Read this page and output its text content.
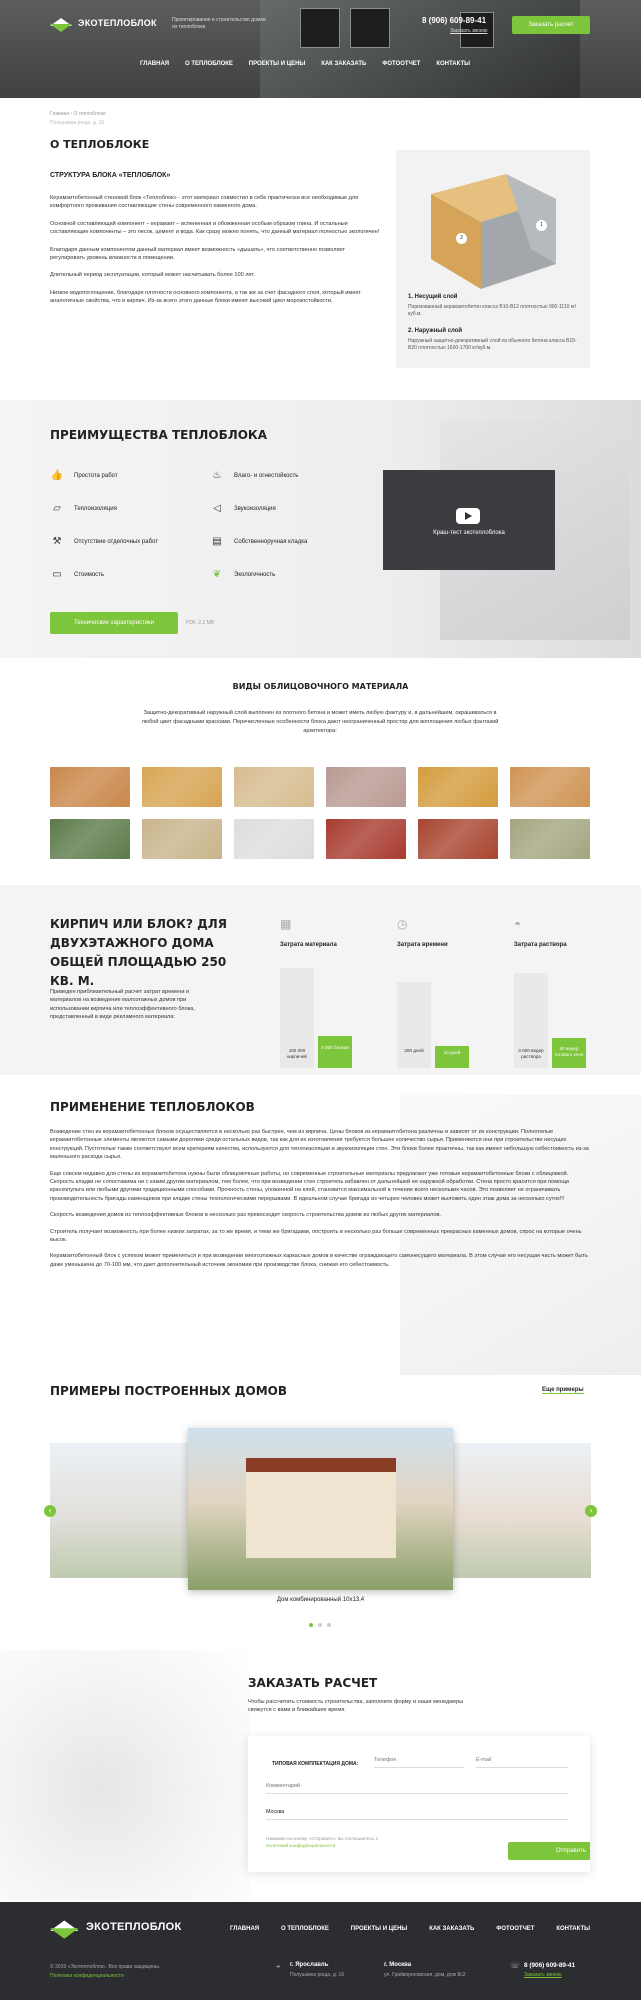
ЭКОТЕПЛОБЛОК	Проектирование и строительство домов из теплоблока
8 (906) 609-89-41
Заказать звонок
Заказать расчет
ГЛАВНАЯ	О ТЕПЛОБЛОКЕ	ПРОЕКТЫ И ЦЕНЫ	КАК ЗАКАЗАТЬ	ФОТООТЧЕТ	КОНТАКТЫ
Главная › О теплоблоке
Полушкина роща, д. 16
О ТЕПЛОБЛОКЕ
СТРУКТУРА БЛОКА «ТЕПЛОБЛОК»

Керамзитобетонный стеновой блок «Теплоблок» - этот материал совместил в себе практически все необходимые для комфортного проживания составляющие стены современного каменного дома.

Основной составляющий компонент – керамзит – вспененная и обожженная особым образом глина. И остальные составляющие компоненты – это песок, цемент и вода. Как сразу можно понять, что данный материал полностью экологичен!

Благодаря данным компонентом данный материал имеет возможность «дышать», что соответственно позволяет регулировать уровень влажности в помещении.

Длительный период эксплуатации, который может насчитывать более 100 лет.

Низкое водопоглощение, благодаря плотности основного компонента, а так же за счет фасадного слоя, который имеет аналогичные свойства, что и кирпич. Из-за всего этого данные блоки имеют высокий цикл морозостойкости.

1
2
1. Несущий слой
Поризованный керамзитобетон класса B10-B12 плотностью 900-1110 кг/куб.м.
2. Наружный слой
Наружный защитно-декоративный слой из обычного бетона класса B15-B20 плотностью 1600-1700 кг/куб.м.
ПРЕИМУЩЕСТВА ТЕПЛОБЛОКА
👍 Простота работ
▱	Теплоизоляция
⚒	Отсутствие отделочных работ
▭	Стоимость
♨	Влаго- и огнестойкость
◁	Звукоизоляция
▤	Собственноручная кладка
❦	Экологичность
Технические характеристики	PDF, 2,2 MB
Краш-тест экотеплоблока
ВИДЫ ОБЛИЦОВОЧНОГО МАТЕРИАЛА
Защитно-декоративный наружный слой выполнен из плотного бетона и может иметь любую фактуру и, в дальнейшем, окрашиваться в любой цвет фасадными красками. Перечисленные особенности блока дают неограниченный простор для воплощения любых фантазий архитектора:
КИРПИЧ ИЛИ БЛОК? ДЛЯ ДВУХЭТАЖНОГО ДОМА ОБЩЕЙ ПЛОЩАДЬЮ 250 КВ. М.
Приведен приблизительный расчет затрат времени и материалов на возведение малоэтажных домов при использовании кирпича или теплоэффективного блока, представленный в виде рекламного материала:
▦
Затрата материала
◷
Затрата времени
◓
Затрата раствора
100 000 кирпичей
4 000 блоков
200 дней	10 дней	3 000 ведер раствора
50 ведер готового клея
ПРИМЕНЕНИЕ ТЕПЛОБЛОКОВ

Возведение стен из керамзитобетонных блоков осуществляется в несколько раз быстрее, чем из кирпича. Цены блоков из керамзитобетона различны и зависят от их конструкции. Полнотелые керамзитобетонные элементы являются самыми дорогими среди остальных видов, так как для их изготовления требуется большее количество сырья. Применяются они при строительстве несущих конструкций. Пустотелые также соответствуют всем критериям качества, используются для теплоизоляции и звукоизоляции стен. Эти блоки более практичны, так как имеют небольшую себестоимость из-за маленького расхода сырья.

Еще совсем недавно для стены из керамзитобетона нужны были облицовочные работы, но современные строительные материалы предлагают уже готовые керамзитобетонные блоки с облицовкой. Скорость кладки не сопоставима ни с каким другим материалом, тем более, что при возведении стен строитель избавлен от дальнейшей ее наружной обработки. Стена просто красится при помощи краскопульта или любыми другими традиционными способами. Прочность стены, уложенной на клей, становится максимальной в течение всего нескольких часов. Это позволяет не ограничивать производительность бригады каменщиков при кладке стены технологическими перерывами. В идеальном случае бригада из четырех человек может выложить один этаж дома за несколько суток!!!

Скорость возведения домов из теплоэффективных блоков в несколько раз превосходит скорость строительства домов из любых других материалов.

Строитель получает возможность при более низких затратах, за то же время, и теми же бригадами, построить в несколько раз больше современных прекрасных каменных домов, спрос на которые очень высок.

Керамзитобетонный блок с успехом может применяться и при возведении многоэтажных каркасных домов в качестве ограждающего самонесущего материала. В этом случае его несущая часть может быть даже уменьшена до 70-100 мм, что дает дополнительный источник экономии при производстве блока, снижая его себестоимость.

ПРИМЕРЫ ПОСТРОЕННЫХ ДОМОВ	Еще примеры
‹	›
Дом комбинированный 10х13,4
ЗАКАЗАТЬ РАСЧЕТ
Чтобы рассчитать стоимость строительства, заполните форму и наши менеджеры свяжутся с вами в ближайшее время.
ТИПОВАЯ КОМПЛЕКТАЦИЯ ДОМА:
Телефон	E-mail
Комментарий
Москва
Нажимая на кнопку «Отправить» вы соглашаетесь с
политикой конфиденциальности
Отправить
ЭКОТЕПЛОБЛОК	ГЛАВНАЯ	О ТЕПЛОБЛОКЕ	ПРОЕКТЫ И ЦЕНЫ	КАК ЗАКАЗАТЬ	ФОТООТЧЕТ	КОНТАКТЫ
© 2019 «Экотеплоблок». Все права защищены.
Политика конфиденциальности
⌖ г. Ярославль
Полушкина роща, д. 16
г. Москва
ул. Грайвороновская, дом, дом 8с2
☏ 8 (906) 609-89-41
Заказать звонок
